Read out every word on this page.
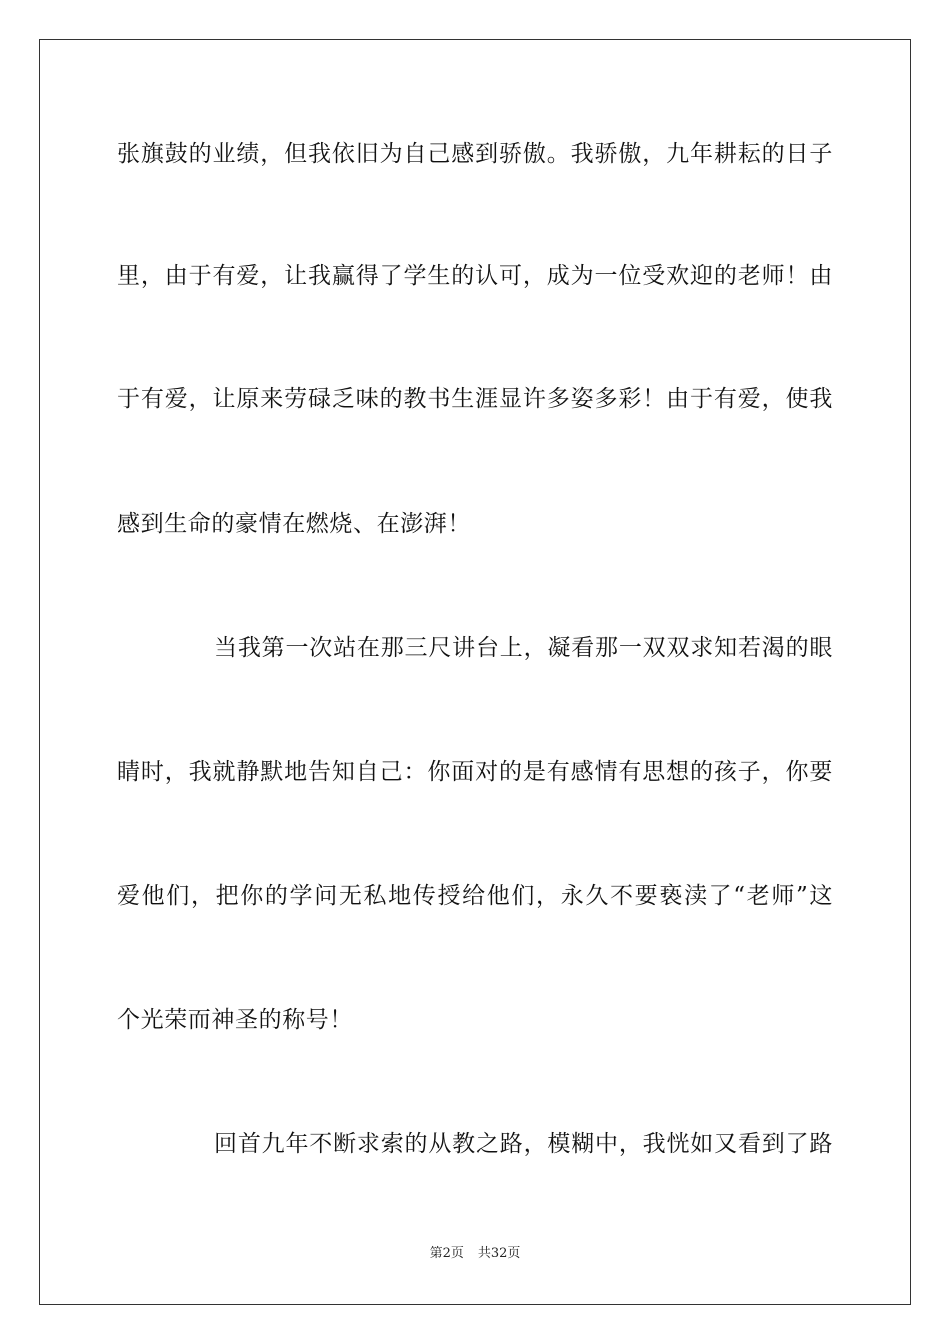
张旗鼓的业绩，但我依旧为自己感到骄傲。我骄傲，九年耕耘的日子
里，由于有爱，让我赢得了学生的认可，成为一位受欢迎的老师！由
于有爱，让原来劳碌乏味的教书生涯显许多姿多彩！由于有爱，使我
感到生命的豪情在燃烧、在澎湃！
当我第一次站在那三尺讲台上，凝看那一双双求知若渴的眼
睛时，我就静默地告知自己：你面对的是有感情有思想的孩子，你要
爱他们，把你的学问无私地传授给他们，永久不要亵渎了“老师”这
个光荣而神圣的称号！
回首九年不断求索的从教之路，模糊中，我恍如又看到了路
第2页 共32页
